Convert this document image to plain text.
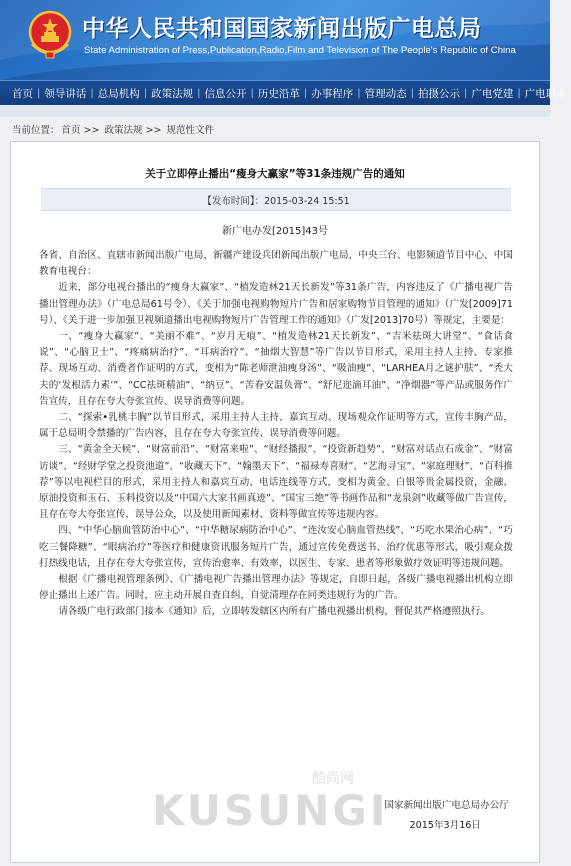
中华人民共和国国家新闻出版广电总局
State Administration of Press,Publication,Radio,Film and Television of The People's Republic of China
首页 | 领导讲话 | 总局机构 | 政策法规 | 信息公开 | 历史沿革 | 办事程序 | 管理动态 | 拍摄公示 | 广电党建 | 广电职业
当前位置： 首页 >> 政策法规 >> 规范性文件
关于立即停止播出“瘦身大赢家”等31条违规广告的通知
【发布时间】：2015-03-24 15:51
新广电办发[2015]43号

各省、自治区、直辖市新闻出版广电局，新疆产建设兵团新闻出版广电局，中央三台、电影频道节目中心、中国教育电视台：

近来，部分电视台播出的“瘦身大赢家”、“植发造林21天长新发”等31条广告，内容违反了《广播电视广告播出管理办法》（广电总局61号令）、《关于加强电视购物短片广告和居家购物节目管理的通知》（广发[2009]71号）、《关于进一步加强卫视频道播出电视购物短片广告管理工作的通知》（广发[2013]70号）等规定，主要是：

一、“瘦身大赢家”、“美丽不难”、“岁月无痕”、“植发造林21天长新发”、“吉米祛斑大讲堂”、“食话食说”、“心脑卫士”、“疼痛病治疗”、“耳病治疗”、“抽烟大智慧”等广告以节目形式，采用主持人主持、专家推荐、现场互动、消费者作证明的方式，变相为“陈老师泄油瘦身汤”、“吸油瘦”、“LARHEA月之谜护肤”、“秃大夫的‘发根活力素’”、“CC祛斑精油”、“纳豆”、“苦眷安温负膏”、“舒尼迩滴耳油”、“净烟器”等产品或服务作广告宣传，且存在夸大夸张宣传、误导消费等问题。

二、“探索•乳桃丰胸”以节目形式，采用主持人主持、嘉宾互动、现场观众作证明等方式，宣传丰胸产品，属于总局明令禁播的广告内容，且存在夸大夸张宣传、误导消费等问题。

三、“黄金全天候”、“财富前沿”、“财富来啦”、“财经播报”、“投资新趋势”、“财富对话点石成金”、“财富访谈”、“经财学堂之投资池道”、“收藏天下”、“翰墨天下”、“福禄寿喜财”、“艺海寻宝”、“家庭理财”、“百科推荐”等以电视栏目的形式，采用主持人和嘉宾互动、电话连线等方式，变相为黄金、白银等贵金属投资，金融、原油投资和玉石、玉料投资以及“中国六大家书画真迹”、“国宝三绝”等书画作品和“龙泉剑”收藏等做广告宣传，且存在夸大夸张宣传，误导公众，以及使用新闻素材、资料等做宣传等违规内容。

四、“中华心脑血管防治中心”、“中华糖尿病防治中心”、“连汝安心脑血管热线”、“巧吃水果治心病”、“巧吃三餐降糖”、“眼病治疗”等医疗和健康资讯服务短片广告，通过宣传免费送书、治疗优惠等形式，吸引观众拨打热线电话，且存在夸大夸张宣传，宣传治愈率、有效率，以医生、专家、患者等形象做疗效证明等违规问题。

根据《广播电视管理条例》、《广播电视广告播出管理办法》等规定，自即日起，各级广播电视播出机构立即停止播出上述广告。同时，应主动开展自查自纠，自觉清理存在同类违规行为的广告。

请各级广电行政部门接本《通知》后，立即转发辖区内所有广播电视播出机构，督促其严格遵照执行。

国家新闻出版广电总局办公厅
2015年3月16日
酷尚网
KUSUNGI
